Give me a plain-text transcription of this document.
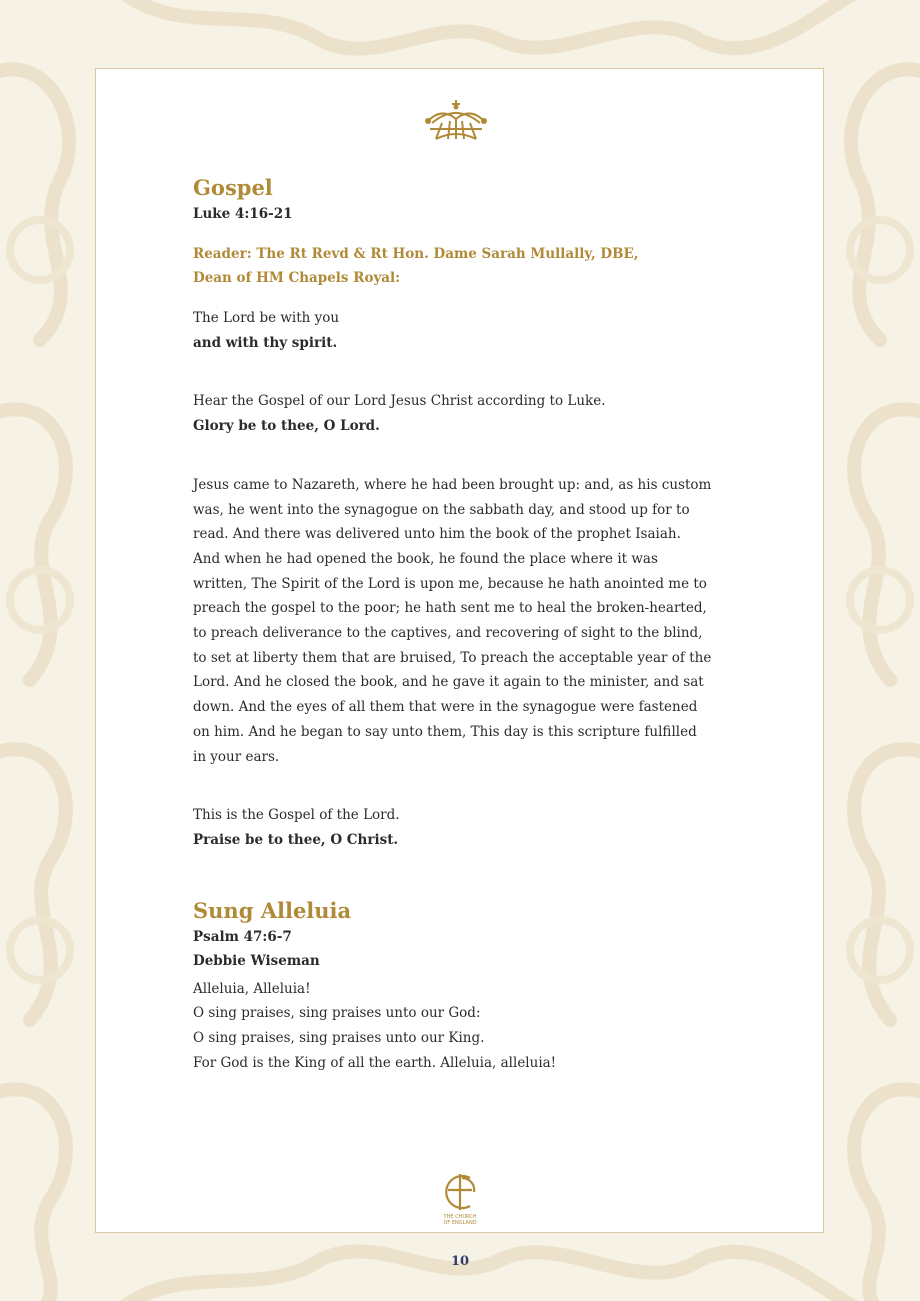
Gospel

Luke 4:16-21

Reader: The Rt Revd & Rt Hon. Dame Sarah Mullally, DBE,
Dean of HM Chapels Royal:

The Lord be with you

and with thy spirit.

Hear the Gospel of our Lord Jesus Christ according to Luke.

Glory be to thee, O Lord.

Jesus came to Nazareth, where he had been brought up: and, as his custom

was, he went into the synagogue on the sabbath day, and stood up for to

read. And there was delivered unto him the book of the prophet Isaiah.

And when he had opened the book, he found the place where it was

written, The Spirit of the Lord is upon me, because he hath anointed me to

preach the gospel to the poor; he hath sent me to heal the broken-hearted,

to preach deliverance to the captives, and recovering of sight to the blind,

to set at liberty them that are bruised, To preach the acceptable year of the

Lord. And he closed the book, and he gave it again to the minister, and sat

down. And the eyes of all them that were in the synagogue were fastened

on him. And he began to say unto them, This day is this scripture fulfilled

in your ears.

This is the Gospel of the Lord.

Praise be to thee, O Christ.

Sung Alleluia

Psalm 47:6-7

Debbie Wiseman

Alleluia, Alleluia!

O sing praises, sing praises unto our God:

O sing praises, sing praises unto our King.

For God is the King of all the earth. Alleluia, alleluia!

THE CHURCH
OF ENGLAND
10
